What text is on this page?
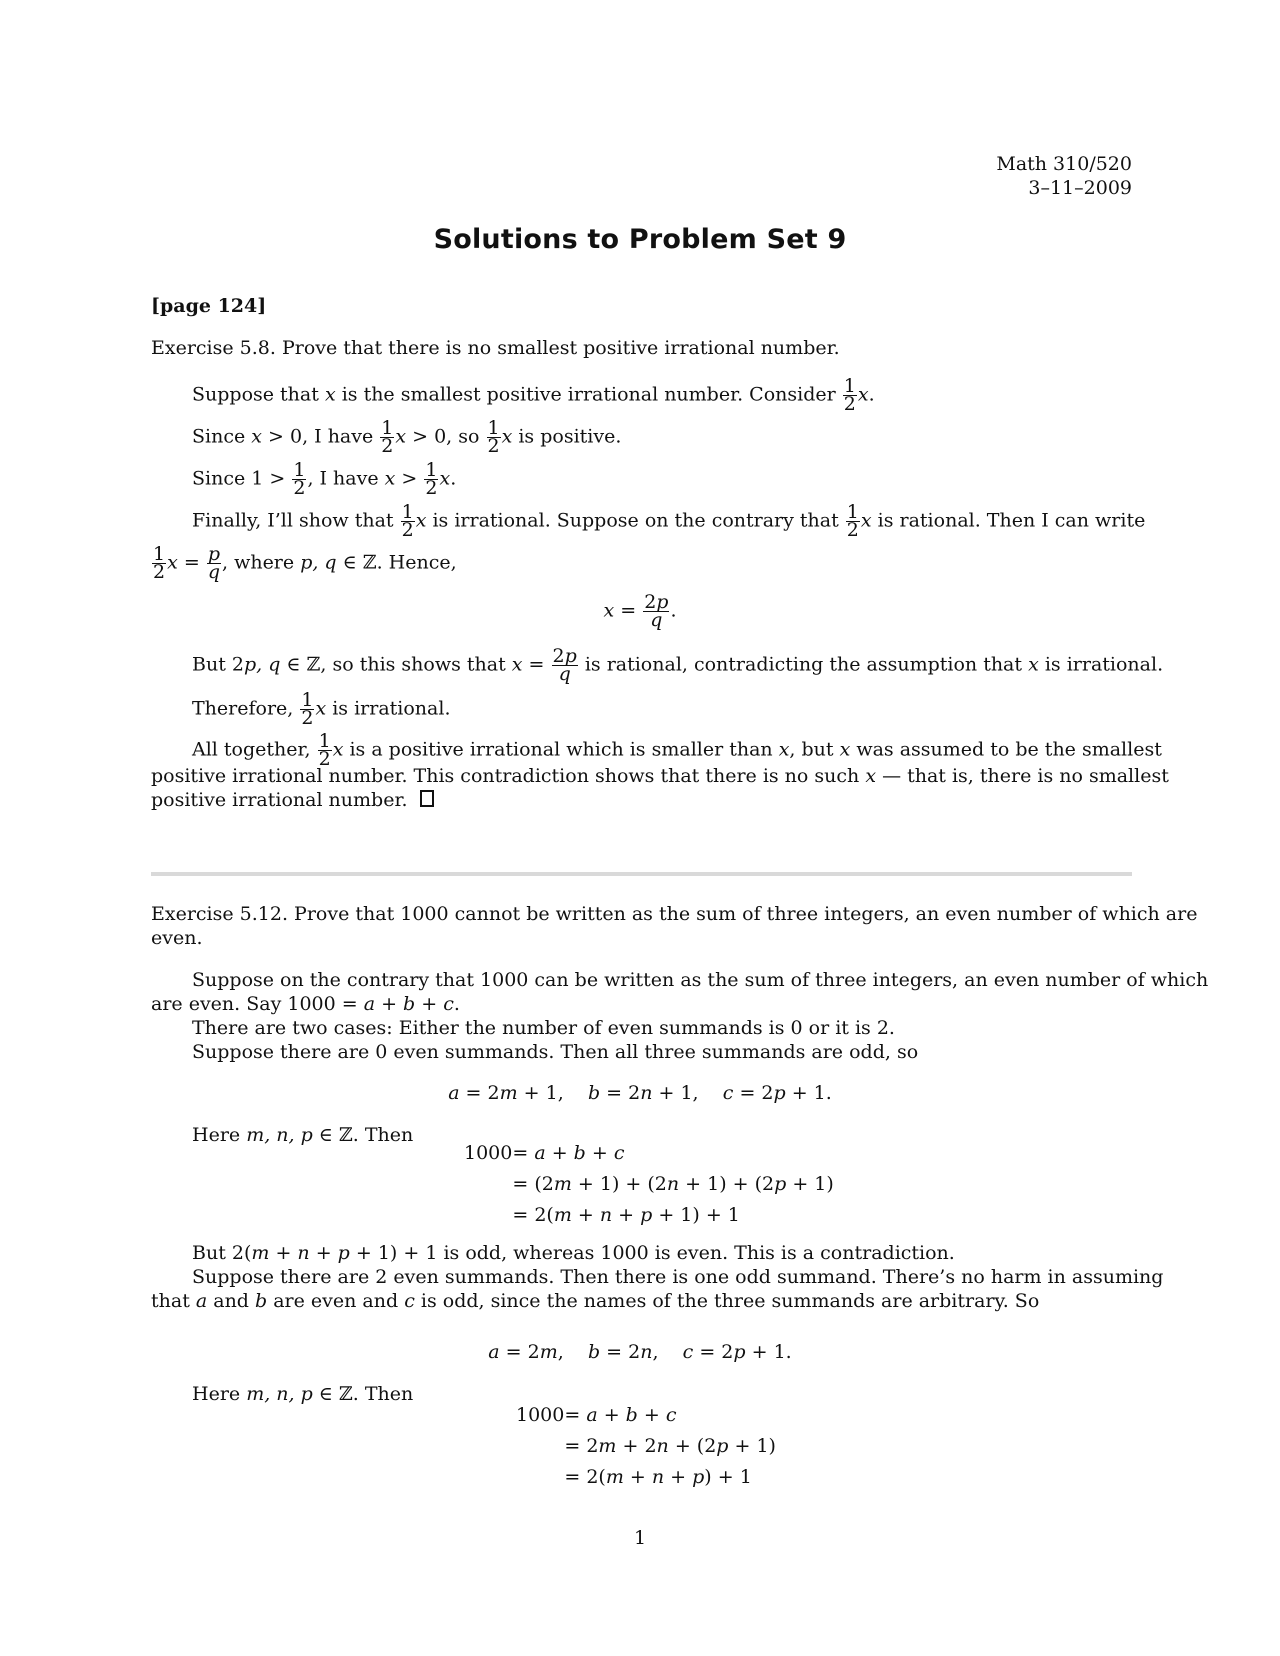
Math 310/520
3–11–2009
Solutions to Problem Set 9
[page 124]
Exercise 5.8. Prove that there is no smallest positive irrational number.
Suppose that x is the smallest positive irrational number. Consider $\frac{1}{2} x$.
Since x > 0, I have $\frac{1}{2}$ x > 0, so $\frac{1}{2}$ x is positive.
Since $1 > \frac{1}{2}$ , I have $x > \frac{1}{2} x$.
Finally, I’ll show that $\frac{1}{2}$ x is irrational. Suppose on the contrary that $\frac{1}{2}$ x is rational. Then I can write
$\frac{1}{2}$ $x = \frac{p}{q}$ , where p, q ∈ ℤ. Hence,
$x = \frac{2p}{q}$ .
But 2p, q ∈ ℤ, so this shows that $x = \frac{2p}{q}$ is rational, contradicting the assumption that x is irrational.
Therefore, $\frac{1}{2}$ x is irrational.
All together, $\frac{1}{2}$ x is a positive irrational which is smaller than x, but x was assumed to be the smallest
positive irrational number. This contradiction shows that there is no such x — that is, there is no smallest
positive irrational number.
Exercise 5.12. Prove that 1000 cannot be written as the sum of three integers, an even number of which are
even.
Suppose on the contrary that 1000 can be written as the sum of three integers, an even number of which
are even. Say 1000 = a + b + c.
There are two cases: Either the number of even summands is 0 or it is 2.
Suppose there are 0 even summands. Then all three summands are odd, so
a = 2m + 1,    b = 2n + 1,    c = 2p + 1.
Here m, n, p ∈ ℤ. Then
1000	= a + b + c
	= (2m + 1) + (2n + 1) + (2p + 1)
	= 2(m + n + p + 1) + 1
But 2(m + n + p + 1) + 1 is odd, whereas 1000 is even. This is a contradiction.
Suppose there are 2 even summands. Then there is one odd summand. There’s no harm in assuming
that a and b are even and c is odd, since the names of the three summands are arbitrary. So
a = 2m,    b = 2n,    c = 2p + 1.
Here m, n, p ∈ ℤ. Then
1000	= a + b + c
	= 2m + 2n + (2p + 1)
	= 2(m + n + p) + 1
1
